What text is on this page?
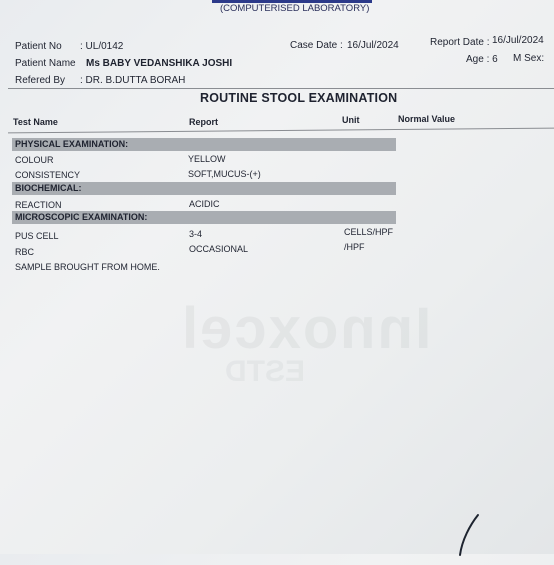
(COMPUTERISED LABORATORY)
Patient No : UL/0142
Patient Name Ms BABY VEDANSHIKA JOSHI
Refered By : DR. B.DUTTA BORAH
Case Date : 16/Jul/2024	Report Date : 16/Jul/2024
Age : 6 M Sex:
ROUTINE STOOL EXAMINATION
Test Name	Report	Unit	Normal Value
PHYSICAL EXAMINATION:
COLOUR	YELLOW
CONSISTENCY	SOFT,MUCUS-(+)
BIOCHEMICAL:
REACTION	ACIDIC
MICROSCOPIC EXAMINATION:
PUS CELL	3-4	CELLS/HPF
RBC	OCCASIONAL	/HPF
SAMPLE BROUGHT FROM HOME.
Innoxcel
ESTD
